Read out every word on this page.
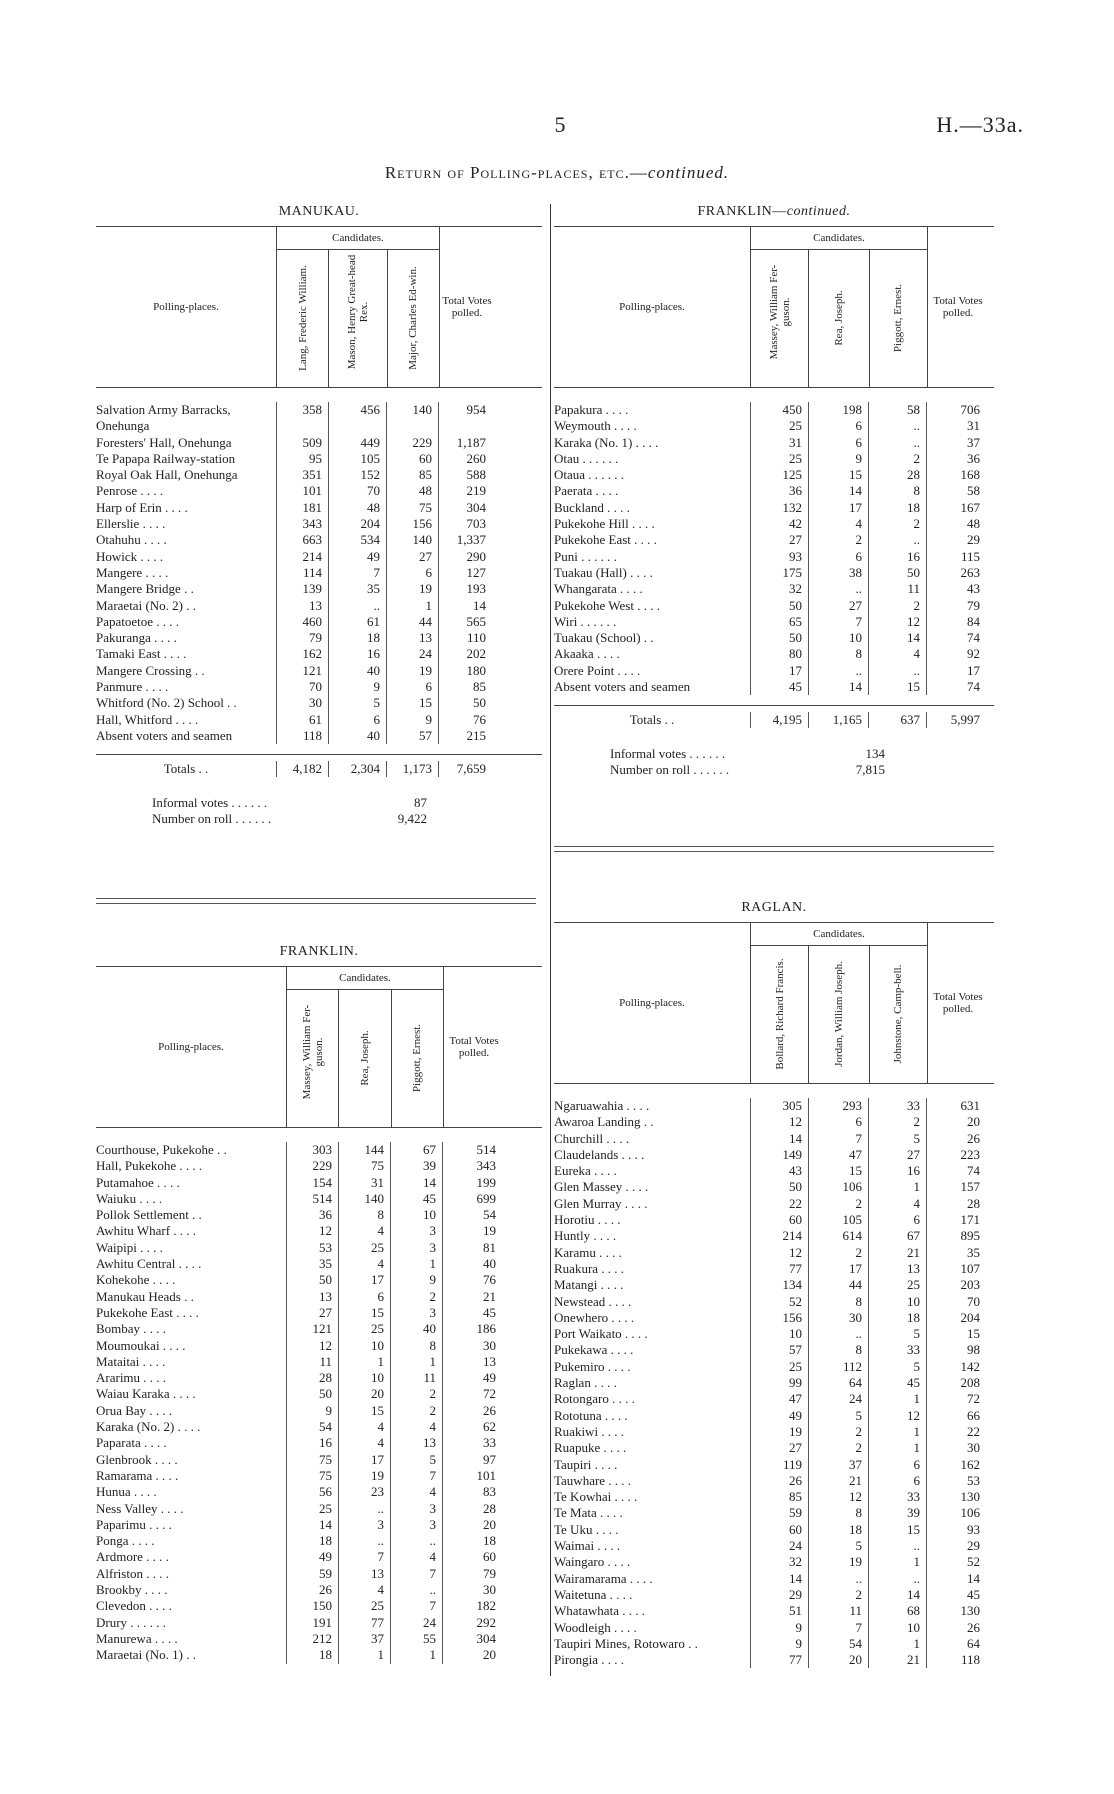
5	H.—33a.
Return of Polling-places, etc.—continued.
MANUKAU.
Polling-places.
Candidates.
Lang, Frederic William.	Mason, Henry Great-head Rex.	Major, Charles Ed-win.	Total Votes polled.
Salvation Army Barracks,	358	456	140	954
Onehunga
Foresters' Hall, Onehunga	509	449	229	1,187
Te Papapa Railway-station	95	105	60	260
Royal Oak Hall, Onehunga	351	152	85	588
Penrose . . . .	101	70	48	219
Harp of Erin . . . .	181	48	75	304
Ellerslie . . . .	343	204	156	703
Otahuhu . . . .	663	534	140	1,337
Howick . . . .	214	49	27	290
Mangere . . . .	114	7	6	127
Mangere Bridge . .	139	35	19	193
Maraetai (No. 2) . .	13	..	1	14
Papatoetoe . . . .	460	61	44	565
Pakuranga . . . .	79	18	13	110
Tamaki East . . . .	162	16	24	202
Mangere Crossing . .	121	40	19	180
Panmure . . . .	70	9	6	85
Whitford (No. 2) School . .	30	5	15	50
Hall, Whitford . . . .	61	6	9	76
Absent voters and seamen	118	40	57	215
Totals . .	4,182	2,304	1,173	7,659
Informal votes . . . . . .	87
Number on roll . . . . . .	9,422
FRANKLIN—continued.
Polling-places.
Candidates.
Massey, William Fer-guson.	Rea, Joseph.	Piggott, Ernest.	Total Votes polled.
Papakura . . . .	450	198	58	706
Weymouth . . . .	25	6	..	31
Karaka (No. 1) . . . .	31	6	..	37
Otau . . . . . .	25	9	2	36
Otaua . . . . . .	125	15	28	168
Paerata . . . .	36	14	8	58
Buckland . . . .	132	17	18	167
Pukekohe Hill . . . .	42	4	2	48
Pukekohe East . . . .	27	2	..	29
Puni . . . . . .	93	6	16	115
Tuakau (Hall) . . . .	175	38	50	263
Whangarata . . . .	32	..	11	43
Pukekohe West . . . .	50	27	2	79
Wiri . . . . . .	65	7	12	84
Tuakau (School) . .	50	10	14	74
Akaaka . . . .	80	8	4	92
Orere Point . . . .	17	..	..	17
Absent voters and seamen	45	14	15	74
Totals . .	4,195	1,165	637	5,997
Informal votes . . . . . .	134
Number on roll . . . . . .	7,815
FRANKLIN.
Polling-places.
Candidates.
Massey, William Fer-guson.	Rea, Joseph.	Piggott, Ernest.	Total Votes polled.
Courthouse, Pukekohe . .	303	144	67	514
Hall, Pukekohe . . . .	229	75	39	343
Putamahoe . . . .	154	31	14	199
Waiuku . . . .	514	140	45	699
Pollok Settlement . .	36	8	10	54
Awhitu Wharf . . . .	12	4	3	19
Waipipi . . . .	53	25	3	81
Awhitu Central . . . .	35	4	1	40
Kohekohe . . . .	50	17	9	76
Manukau Heads . .	13	6	2	21
Pukekohe East . . . .	27	15	3	45
Bombay . . . .	121	25	40	186
Moumoukai . . . .	12	10	8	30
Mataitai . . . .	11	1	1	13
Ararimu . . . .	28	10	11	49
Waiau Karaka . . . .	50	20	2	72
Orua Bay . . . .	9	15	2	26
Karaka (No. 2) . . . .	54	4	4	62
Paparata . . . .	16	4	13	33
Glenbrook . . . .	75	17	5	97
Ramarama . . . .	75	19	7	101
Hunua . . . .	56	23	4	83
Ness Valley . . . .	25	..	3	28
Paparimu . . . .	14	3	3	20
Ponga . . . .	18	..	..	18
Ardmore . . . .	49	7	4	60
Alfriston . . . .	59	13	7	79
Brookby . . . .	26	4	..	30
Clevedon . . . .	150	25	7	182
Drury . . . . . .	191	77	24	292
Manurewa . . . .	212	37	55	304
Maraetai (No. 1) . .	18	1	1	20
RAGLAN.
Polling-places.
Candidates.
Bollard, Richard Francis.	Jordan, William Joseph.	Johnstone, Camp-bell.	Total Votes polled.
Ngaruawahia . . . .	305	293	33	631
Awaroa Landing . .	12	6	2	20
Churchill . . . .	14	7	5	26
Claudelands . . . .	149	47	27	223
Eureka . . . .	43	15	16	74
Glen Massey . . . .	50	106	1	157
Glen Murray . . . .	22	2	4	28
Horotiu . . . .	60	105	6	171
Huntly . . . .	214	614	67	895
Karamu . . . .	12	2	21	35
Ruakura . . . .	77	17	13	107
Matangi . . . .	134	44	25	203
Newstead . . . .	52	8	10	70
Onewhero . . . .	156	30	18	204
Port Waikato . . . .	10	..	5	15
Pukekawa . . . .	57	8	33	98
Pukemiro . . . .	25	112	5	142
Raglan . . . .	99	64	45	208
Rotongaro . . . .	47	24	1	72
Rototuna . . . .	49	5	12	66
Ruakiwi . . . .	19	2	1	22
Ruapuke . . . .	27	2	1	30
Taupiri . . . .	119	37	6	162
Tauwhare . . . .	26	21	6	53
Te Kowhai . . . .	85	12	33	130
Te Mata . . . .	59	8	39	106
Te Uku . . . .	60	18	15	93
Waimai . . . .	24	5	..	29
Waingaro . . . .	32	19	1	52
Wairamarama . . . .	14	..	..	14
Waitetuna . . . .	29	2	14	45
Whatawhata . . . .	51	11	68	130
Woodleigh . . . .	9	7	10	26
Taupiri Mines, Rotowaro . .	9	54	1	64
Pirongia . . . .	77	20	21	118
